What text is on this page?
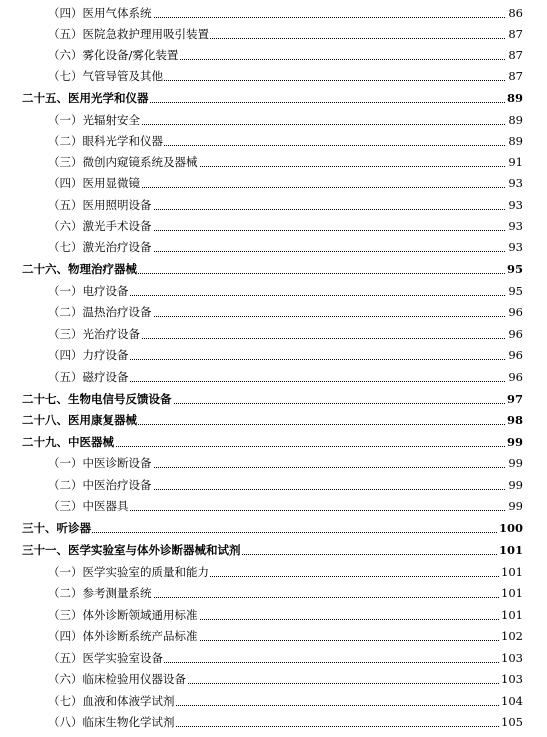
（四）医用气体系统	86
（五）医院急救护理用吸引装置	87
（六）雾化设备/雾化装置	87
（七）气管导管及其他	87
二十五、医用光学和仪器	89
（一）光辐射安全	89
（二）眼科光学和仪器	89
（三）微创内窥镜系统及器械	91
（四）医用显微镜	93
（五）医用照明设备	93
（六）激光手术设备	93
（七）激光治疗设备	93
二十六、物理治疗器械	95
（一）电疗设备	95
（二）温热治疗设备	96
（三）光治疗设备	96
（四）力疗设备	96
（五）磁疗设备	96
二十七、生物电信号反馈设备	97
二十八、医用康复器械	98
二十九、中医器械	99
（一）中医诊断设备	99
（二）中医治疗设备	99
（三）中医器具	99
三十、听诊器	100
三十一、医学实验室与体外诊断器械和试剂	101
（一）医学实验室的质量和能力	101
（二）参考测量系统	101
（三）体外诊断领域通用标准	101
（四）体外诊断系统产品标准	102
（五）医学实验室设备	103
（六）临床检验用仪器设备	103
（七）血液和体液学试剂	104
（八）临床生物化学试剂	105
